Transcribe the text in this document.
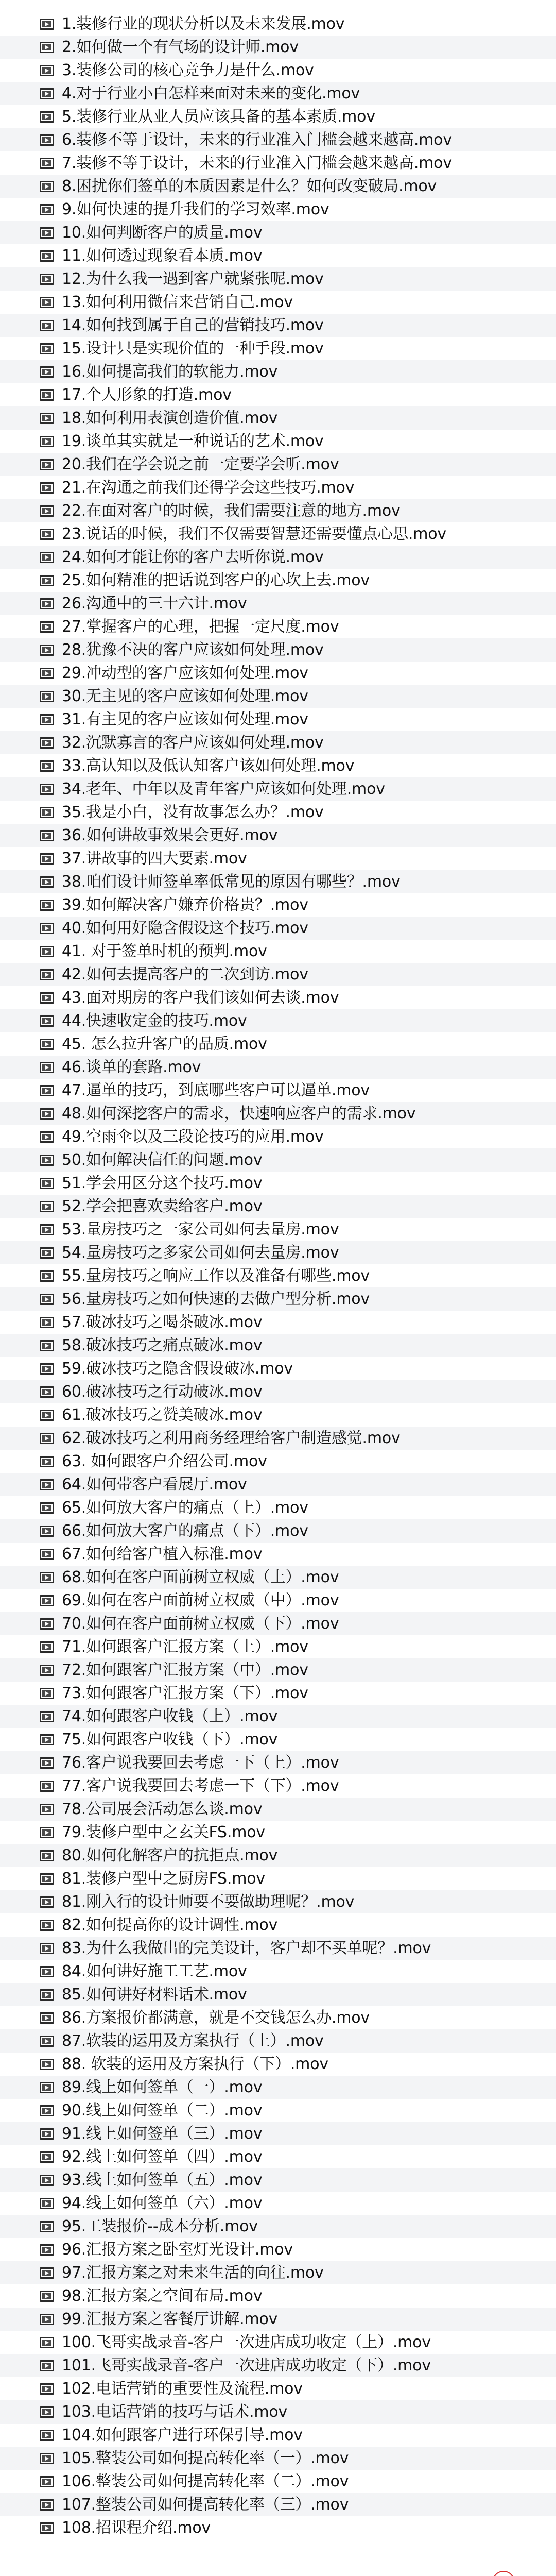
1.装修行业的现状分析以及未来发展.mov
2.如何做一个有气场的设计师.mov
3.装修公司的核心竞争力是什么.mov
4.对于行业小白怎样来面对未来的变化.mov
5.装修行业从业人员应该具备的基本素质.mov
6.装修不等于设计，未来的行业准入门槛会越来越高.mov
7.装修不等于设计，未来的行业准入门槛会越来越高.mov
8.困扰你们签单的本质因素是什么？如何改变破局.mov
9.如何快速的提升我们的学习效率.mov
10.如何判断客户的质量.mov
11.如何透过现象看本质.mov
12.为什么我一遇到客户就紧张呢.mov
13.如何利用微信来营销自己.mov
14.如何找到属于自己的营销技巧.mov
15.设计只是实现价值的一种手段.mov
16.如何提高我们的软能力.mov
17.个人形象的打造.mov
18.如何利用表演创造价值.mov
19.谈单其实就是一种说话的艺术.mov
20.我们在学会说之前一定要学会听.mov
21.在沟通之前我们还得学会这些技巧.mov
22.在面对客户的时候，我们需要注意的地方.mov
23.说话的时候，我们不仅需要智慧还需要懂点心思.mov
24.如何才能让你的客户去听你说.mov
25.如何精准的把话说到客户的心坎上去.mov
26.沟通中的三十六计.mov
27.掌握客户的心理，把握一定尺度.mov
28.犹豫不决的客户应该如何处理.mov
29.冲动型的客户应该如何处理.mov
30.无主见的客户应该如何处理.mov
31.有主见的客户应该如何处理.mov
32.沉默寡言的客户应该如何处理.mov
33.高认知以及低认知客户该如何处理.mov
34.老年、中年以及青年客户应该如何处理.mov
35.我是小白，没有故事怎么办？.mov
36.如何讲故事效果会更好.mov
37.讲故事的四大要素.mov
38.咱们设计师签单率低常见的原因有哪些？.mov
39.如何解决客户嫌弃价格贵？.mov
40.如何用好隐含假设这个技巧.mov
41. 对于签单时机的预判.mov
42.如何去提高客户的二次到访.mov
43.面对期房的客户我们该如何去谈.mov
44.快速收定金的技巧.mov
45. 怎么拉升客户的品质.mov
46.谈单的套路.mov
47.逼单的技巧，到底哪些客户可以逼单.mov
48.如何深挖客户的需求，快速响应客户的需求.mov
49.空雨伞以及三段论技巧的应用.mov
50.如何解决信任的问题.mov
51.学会用区分这个技巧.mov
52.学会把喜欢卖给客户.mov
53.量房技巧之一家公司如何去量房.mov
54.量房技巧之多家公司如何去量房.mov
55.量房技巧之响应工作以及准备有哪些.mov
56.量房技巧之如何快速的去做户型分析.mov
57.破冰技巧之喝茶破冰.mov
58.破冰技巧之痛点破冰.mov
59.破冰技巧之隐含假设破冰.mov
60.破冰技巧之行动破冰.mov
61.破冰技巧之赞美破冰.mov
62.破冰技巧之利用商务经理给客户制造感觉.mov
63. 如何跟客户介绍公司.mov
64.如何带客户看展厅.mov
65.如何放大客户的痛点（上）.mov
66.如何放大客户的痛点（下）.mov
67.如何给客户植入标准.mov
68.如何在客户面前树立权威（上）.mov
69.如何在客户面前树立权威（中）.mov
70.如何在客户面前树立权威（下）.mov
71.如何跟客户汇报方案（上）.mov
72.如何跟客户汇报方案（中）.mov
73.如何跟客户汇报方案（下）.mov
74.如何跟客户收钱（上）.mov
75.如何跟客户收钱（下）.mov
76.客户说我要回去考虑一下（上）.mov
77.客户说我要回去考虑一下（下）.mov
78.公司展会活动怎么谈.mov
79.装修户型中之玄关FS.mov
80.如何化解客户的抗拒点.mov
81.装修户型中之厨房FS.mov
81.刚入行的设计师要不要做助理呢？.mov
82.如何提高你的设计调性.mov
83.为什么我做出的完美设计，客户却不买单呢？.mov
84.如何讲好施工工艺.mov
85.如何讲好材料话术.mov
86.方案报价都满意，就是不交钱怎么办.mov
87.软装的运用及方案执行（上）.mov
88. 软装的运用及方案执行（下）.mov
89.线上如何签单（一）.mov
90.线上如何签单（二）.mov
91.线上如何签单（三）.mov
92.线上如何签单（四）.mov
93.线上如何签单（五）.mov
94.线上如何签单（六）.mov
95.工装报价--成本分析.mov
96.汇报方案之卧室灯光设计.mov
97.汇报方案之对未来生活的向往.mov
98.汇报方案之空间布局.mov
99.汇报方案之客餐厅讲解.mov
100.飞哥实战录音-客户一次进店成功收定（上）.mov
101.飞哥实战录音-客户一次进店成功收定（下）.mov
102.电话营销的重要性及流程.mov
103.电话营销的技巧与话术.mov
104.如何跟客户进行环保引导.mov
105.整装公司如何提高转化率（一）.mov
106.整装公司如何提高转化率（二）.mov
107.整装公司如何提高转化率（三）.mov
108.招课程介绍.mov
